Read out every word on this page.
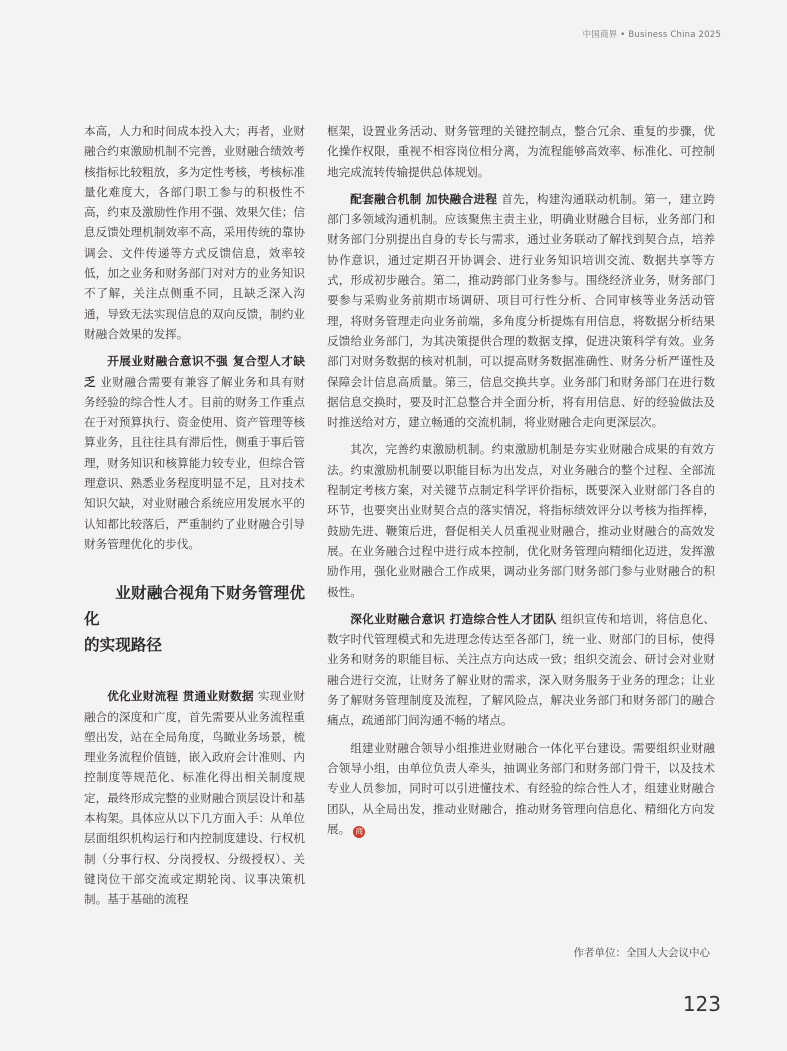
中国商界 • Business China 2025

本高，人力和时间成本投入大；再者，业财融合约束激励机制不完善，业财融合绩效考核指标比较粗放，多为定性考核，考核标准量化难度大，各部门职工参与的积极性不高，约束及激励性作用不强、效果欠佳；信息反馈处理机制效率不高，采用传统的靠协调会、文件传递等方式反馈信息，效率较低，加之业务和财务部门对对方的业务知识不了解，关注点侧重不同，且缺乏深入沟通，导致无法实现信息的双向反馈，制约业财融合效果的发挥。

开展业财融合意识不强 复合型人才缺乏 业财融合需要有兼容了解业务和具有财务经验的综合性人才。目前的财务工作重点在于对预算执行、资金使用、资产管理等核算业务，且往往具有滞后性，侧重于事后管理，财务知识和核算能力较专业，但综合管理意识、熟悉业务程度明显不足，且对技术知识欠缺，对业财融合系统应用发展水平的认知都比较落后，严重制约了业财融合引导财务管理优化的步伐。

业财融合视角下财务管理优化
的实现路径

优化业财流程 贯通业财数据 实现业财融合的深度和广度，首先需要从业务流程重塑出发，站在全局角度，鸟瞰业务场景，梳理业务流程价值链，嵌入政府会计准则、内控制度等规范化、标准化得出相关制度规定，最终形成完整的业财融合顶层设计和基本构架。具体应从以下几方面入手：从单位层面组织机构运行和内控制度建设、行权机制（分事行权、分岗授权、分级授权）、关键岗位干部交流或定期轮岗、议事决策机制。基于基础的流程

框架，设置业务活动、财务管理的关键控制点，整合冗余、重复的步骤，优化操作权限，重视不相容岗位相分离，为流程能够高效率、标准化、可控制地完成流转传输提供总体规划。

配套融合机制 加快融合进程 首先，构建沟通联动机制。第一，建立跨部门多领域沟通机制。应该聚焦主责主业，明确业财融合目标，业务部门和财务部门分别提出自身的专长与需求，通过业务联动了解找到契合点，培养协作意识，通过定期召开协调会、进行业务知识培训交流、数据共享等方式，形成初步融合。第二，推动跨部门业务参与。围绕经济业务，财务部门要参与采购业务前期市场调研、项目可行性分析、合同审核等业务活动管理，将财务管理走向业务前端，多角度分析提炼有用信息，将数据分析结果反馈给业务部门，为其决策提供合理的数据支撑，促进决策科学有效。业务部门对财务数据的核对机制，可以提高财务数据准确性、财务分析严谨性及保障会计信息高质量。第三，信息交换共享。业务部门和财务部门在进行数据信息交换时，要及时汇总整合并全面分析，将有用信息、好的经验做法及时推送给对方，建立畅通的交流机制，将业财融合走向更深层次。

其次，完善约束激励机制。约束激励机制是夯实业财融合成果的有效方法。约束激励机制要以职能目标为出发点，对业务融合的整个过程、全部流程制定考核方案，对关键节点制定科学评价指标，既要深入业财部门各自的环节，也要突出业财契合点的落实情况，将指标绩效评分以考核为指挥棒，鼓励先进、鞭策后进，督促相关人员重视业财融合，推动业财融合的高效发展。在业务融合过程中进行成本控制，优化财务管理向精细化迈进，发挥激励作用，强化业财融合工作成果，调动业务部门财务部门参与业财融合的积极性。

深化业财融合意识 打造综合性人才团队 组织宣传和培训，将信息化、数字时代管理模式和先进理念传达至各部门，统一业、财部门的目标，使得业务和财务的职能目标、关注点方向达成一致；组织交流会、研讨会对业财融合进行交流，让财务了解业财的需求，深入财务服务于业务的理念；让业务了解财务管理制度及流程，了解风险点，解决业务部门和财务部门的融合痛点，疏通部门间沟通不畅的堵点。

组建业财融合领导小组推进业财融合一体化平台建设。需要组织业财融合领导小组，由单位负责人牵头，抽调业务部门和财务部门骨干，以及技术专业人员参加，同时可以引进懂技术、有经验的综合性人才，组建业财融合团队，从全局出发，推动业财融合，推动财务管理向信息化、精细化方向发展。 商

作者单位：全国人大会议中心
123
